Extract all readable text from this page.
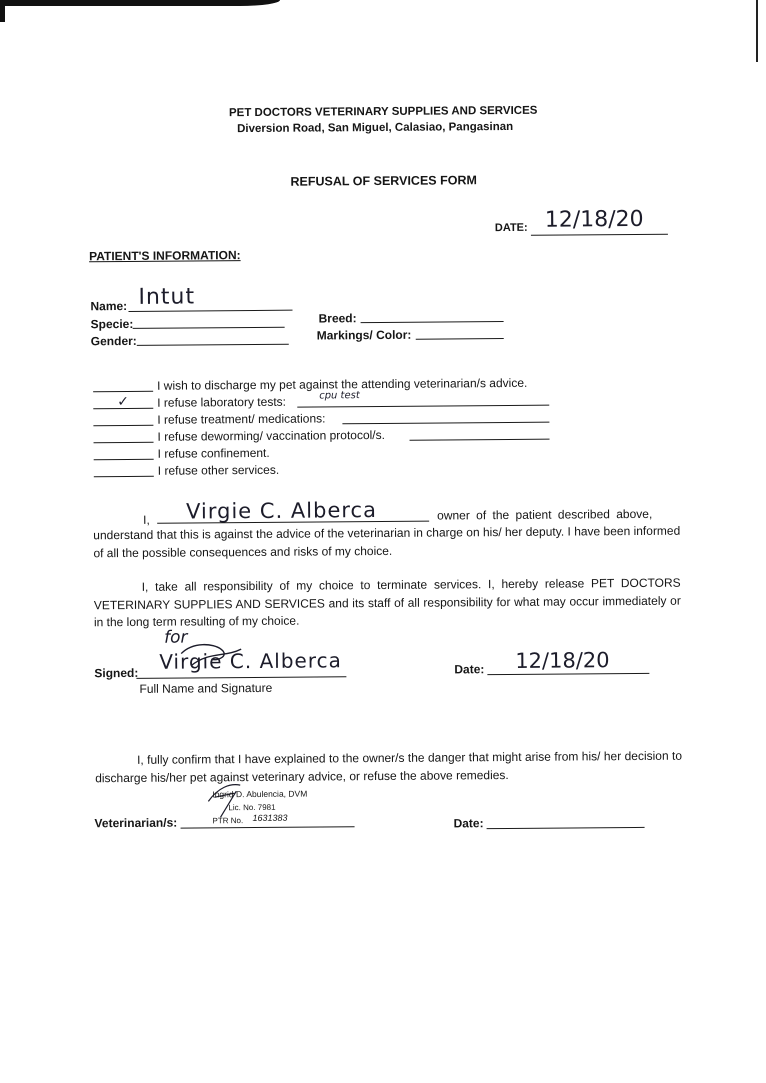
PET DOCTORS VETERINARY SUPPLIES AND SERVICES
Diversion Road, San Miguel, Calasiao, Pangasinan
REFUSAL OF SERVICES FORM
DATE: 12/18/20
PATIENT'S INFORMATION:
Name: Intut
Specie:
Gender:
Breed:
Markings/ Color:
I wish to discharge my pet against the attending veterinarian/s advice.
✓ I refuse laboratory tests:	cpu test
I refuse treatment/ medications:
I refuse deworming/ vaccination protocol/s.
I refuse confinement.
I refuse other services.
I, Virgie C. Alberca	owner of the patient described above,
understand that this is against the advice of the veterinarian in charge on his/ her deputy. I have been informed of all the possible consequences and risks of my choice.
I, take all responsibility of my choice to terminate services. I, hereby release PET DOCTORS VETERINARY SUPPLIES AND SERVICES and its staff of all responsibility for what may occur immediately or in the long term resulting of my choice.
Signed:
for
Virgie C. Alberca
Full Name and Signature
Date: 12/18/20
I, fully confirm that I have explained to the owner/s the danger that might arise from his/ her decision to discharge his/her pet against veterinary advice, or refuse the above remedies.
Veterinarian/s:
Ingrid D. Abulencia, DVM
Lic. No. 7981
PTR No. 1631383	Date:
